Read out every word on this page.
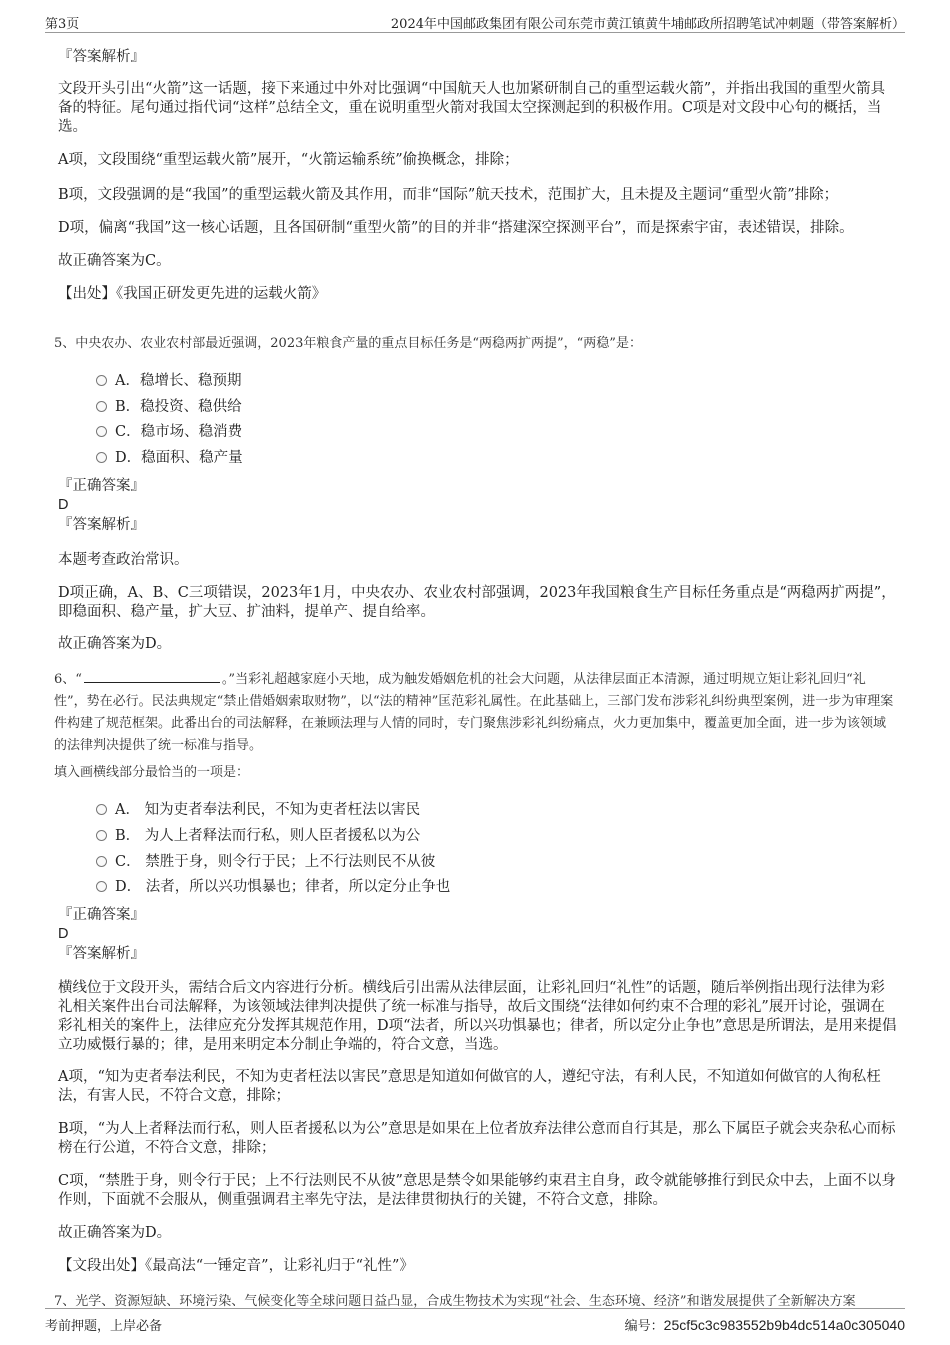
第3页	2024年中国邮政集团有限公司东莞市黄江镇黄牛埔邮政所招聘笔试冲刺题（带答案解析）

『答案解析』

文段开头引出“火箭”这一话题，接下来通过中外对比强调“中国航天人也加紧研制自己的重型运载火箭”，并指出我国的重型火箭具备的特征。尾句通过指代词“这样”总结全文，重在说明重型火箭对我国太空探测起到的积极作用。C项是对文段中心句的概括，当选。

A项，文段围绕“重型运载火箭”展开，“火箭运输系统”偷换概念，排除；

B项，文段强调的是“我国”的重型运载火箭及其作用，而非“国际”航天技术，范围扩大，且未提及主题词“重型火箭”排除；

D项，偏离“我国”这一核心话题，且各国研制“重型火箭”的目的并非“搭建深空探测平台”，而是探索宇宙，表述错误，排除。

故正确答案为C。

【出处】《我国正研发更先进的运载火箭》

5、中央农办、农业农村部最近强调，2023年粮食产量的重点目标任务是“两稳两扩两提”，“两稳”是：

A．稳增长、稳预期
B．稳投资、稳供给
C．稳市场、稳消费
D．稳面积、稳产量

『正确答案』

D

『答案解析』

本题考查政治常识。

D项正确，A、B、C三项错误，2023年1月，中央农办、农业农村部强调，2023年我国粮食生产目标任务重点是“两稳两扩两提”，即稳面积、稳产量，扩大豆、扩油料，提单产、提自给率。

故正确答案为D。

6、“	。”当彩礼超越家庭小天地，成为触发婚姻危机的社会大问题，从法律层面正本清源，通过明规立矩让彩礼回归“礼性”，势在必行。民法典规定“禁止借婚姻索取财物”，以“法的精神”匡范彩礼属性。在此基础上，三部门发布涉彩礼纠纷典型案例，进一步为审理案件构建了规范框架。此番出台的司法解释，在兼顾法理与人情的同时，专门聚焦涉彩礼纠纷痛点，火力更加集中，覆盖更加全面，进一步为该领域的法律判决提供了统一标准与指导。

填入画横线部分最恰当的一项是：

A． 知为吏者奉法利民，不知为吏者枉法以害民
B． 为人上者释法而行私，则人臣者援私以为公
C． 禁胜于身，则令行于民；上不行法则民不从彼
D． 法者，所以兴功惧暴也；律者，所以定分止争也

『正确答案』

D

『答案解析』

横线位于文段开头，需结合后文内容进行分析。横线后引出需从法律层面，让彩礼回归“礼性”的话题，随后举例指出现行法律为彩礼相关案件出台司法解释，为该领域法律判决提供了统一标准与指导，故后文围绕“法律如何约束不合理的彩礼”展开讨论，强调在彩礼相关的案件上，法律应充分发挥其规范作用，D项“法者，所以兴功惧暴也；律者，所以定分止争也”意思是所谓法，是用来提倡立功威慑行暴的；律，是用来明定本分制止争端的，符合文意，当选。

A项，“知为吏者奉法利民，不知为吏者枉法以害民”意思是知道如何做官的人，遵纪守法，有利人民，不知道如何做官的人徇私枉法，有害人民，不符合文意，排除；

B项，“为人上者释法而行私，则人臣者援私以为公”意思是如果在上位者放弃法律公意而自行其是，那么下属臣子就会夹杂私心而标榜在行公道，不符合文意，排除；

C项，“禁胜于身，则令行于民；上不行法则民不从彼”意思是禁令如果能够约束君主自身，政令就能够推行到民众中去，上面不以身作则，下面就不会服从，侧重强调君主率先守法，是法律贯彻执行的关键，不符合文意，排除。

故正确答案为D。

【文段出处】《最高法“一锤定音”，让彩礼归于“礼性”》

7、光学、资源短缺、环境污染、气候变化等全球问题日益凸显，合成生物技术为实现“社会、生态环境、经济”和谐发展提供了全新解决方案

考前押题，上岸必备	编号：25cf5c3c983552b9b4dc514a0c305040
